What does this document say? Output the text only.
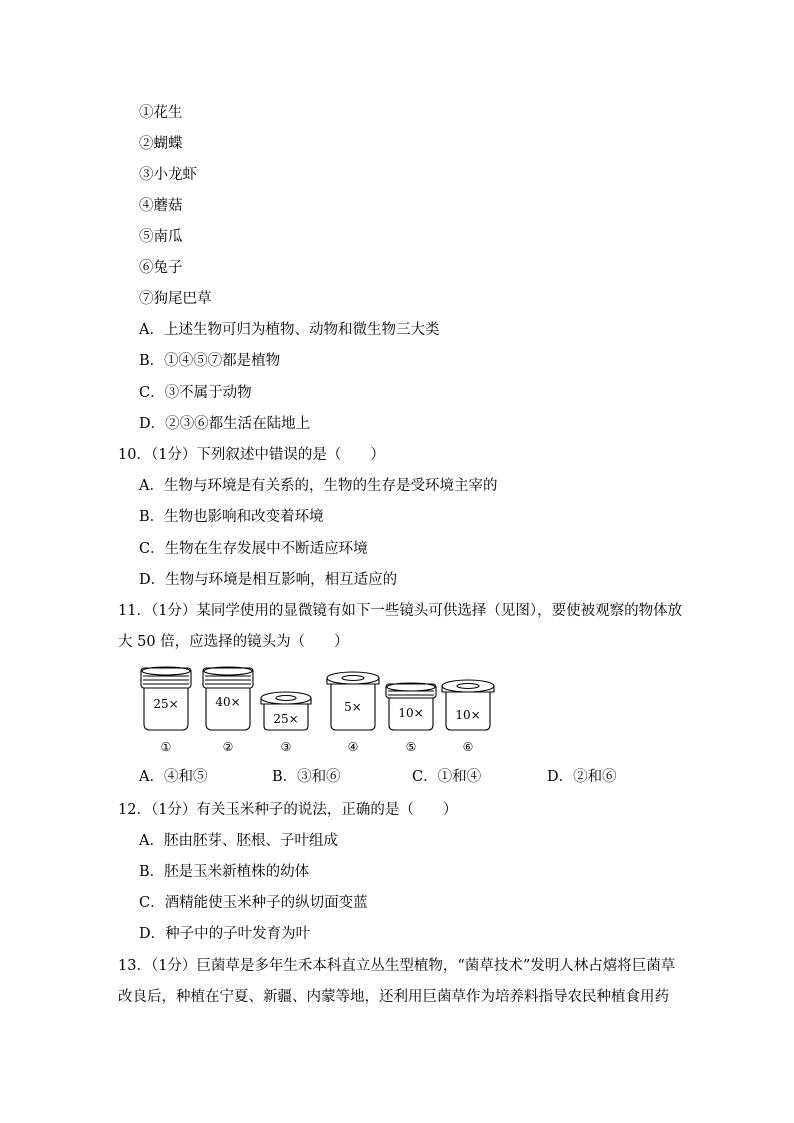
①花生
②蝴蝶
③小龙虾
④蘑菇
⑤南瓜
⑥兔子
⑦狗尾巴草
A．上述生物可归为植物、动物和微生物三大类
B．①④⑤⑦都是植物
C．③不属于动物
D．②③⑥都生活在陆地上
10．（1分）下列叙述中错误的是（　　）
A．生物与环境是有关系的，生物的生存是受环境主宰的
B．生物也影响和改变着环境
C．生物在生存发展中不断适应环境
D．生物与环境是相互影响，相互适应的
11．（1分）某同学使用的显微镜有如下一些镜头可供选择（见图），要使被观察的物体放
大 50 倍，应选择的镜头为（　　）
25×
①
40×
②
25×
③
5×
④
10×
⑤
10×
⑥
A．④和⑤	B．③和⑥	C．①和④	D．②和⑥
12．（1分）有关玉米种子的说法，正确的是（　　）
A．胚由胚芽、胚根、子叶组成
B．胚是玉米新植株的幼体
C．酒精能使玉米种子的纵切面变蓝
D．种子中的子叶发育为叶
13．（1分）巨菌草是多年生禾本科直立丛生型植物，“菌草技术”发明人林占熺将巨菌草
改良后，种植在宁夏、新疆、内蒙等地，还利用巨菌草作为培养料指导农民种植食用药
